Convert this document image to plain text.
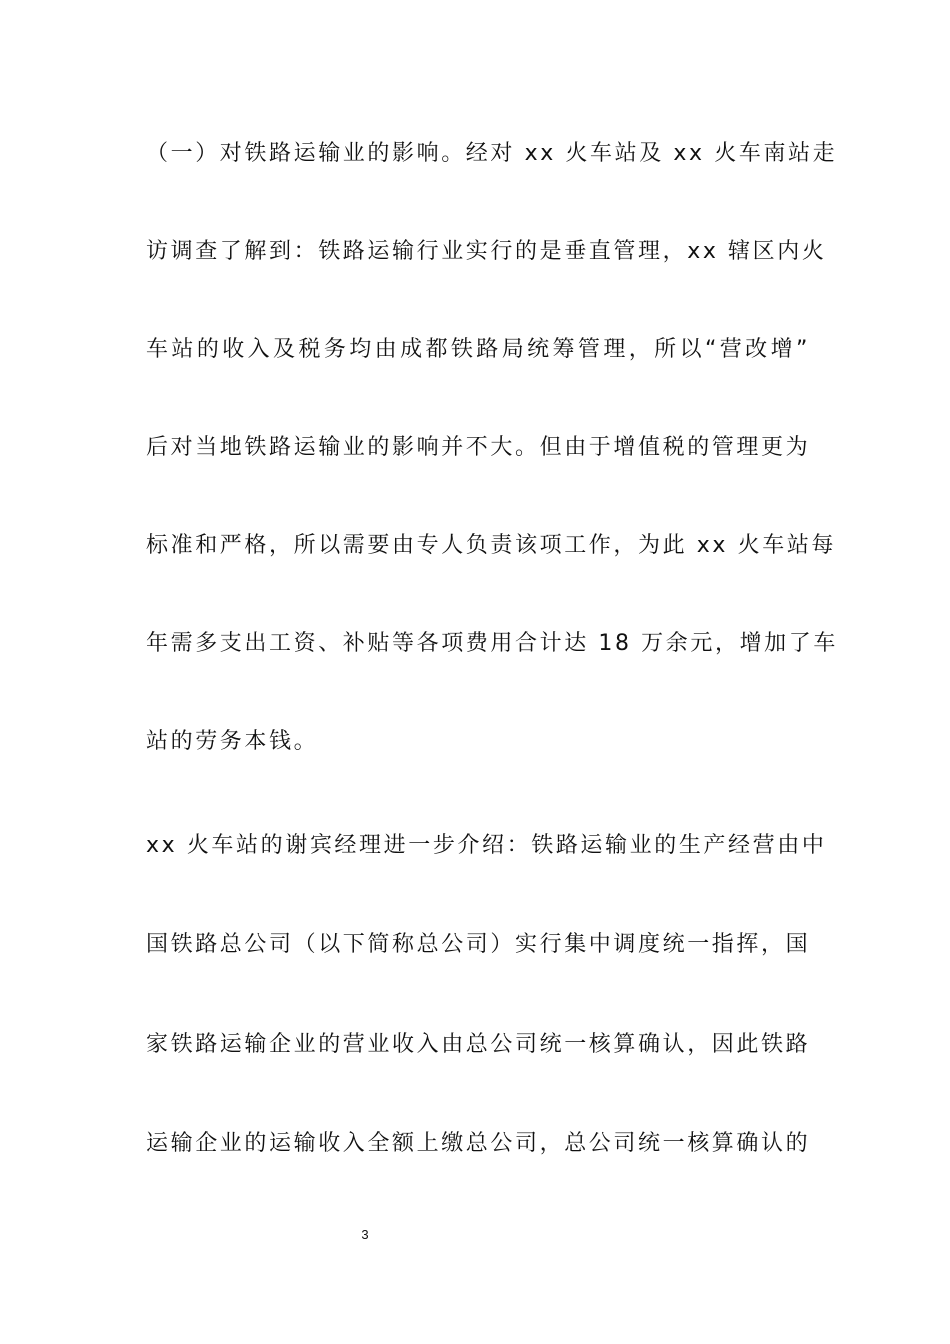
（一）对铁路运输业的影响。经对 xx 火车站及 xx 火车南站走
访调查了解到：铁路运输行业实行的是垂直管理，xx 辖区内火
车站的收入及税务均由成都铁路局统筹管理，所以“营改增”
后对当地铁路运输业的影响并不大。但由于增值税的管理更为
标准和严格，所以需要由专人负责该项工作，为此 xx 火车站每
年需多支出工资、补贴等各项费用合计达 18 万余元，增加了车
站的劳务本钱。
xx 火车站的谢宾经理进一步介绍：铁路运输业的生产经营由中
国铁路总公司（以下简称总公司）实行集中调度统一指挥，国
家铁路运输企业的营业收入由总公司统一核算确认，因此铁路
运输企业的运输收入全额上缴总公司，总公司统一核算确认的
3
